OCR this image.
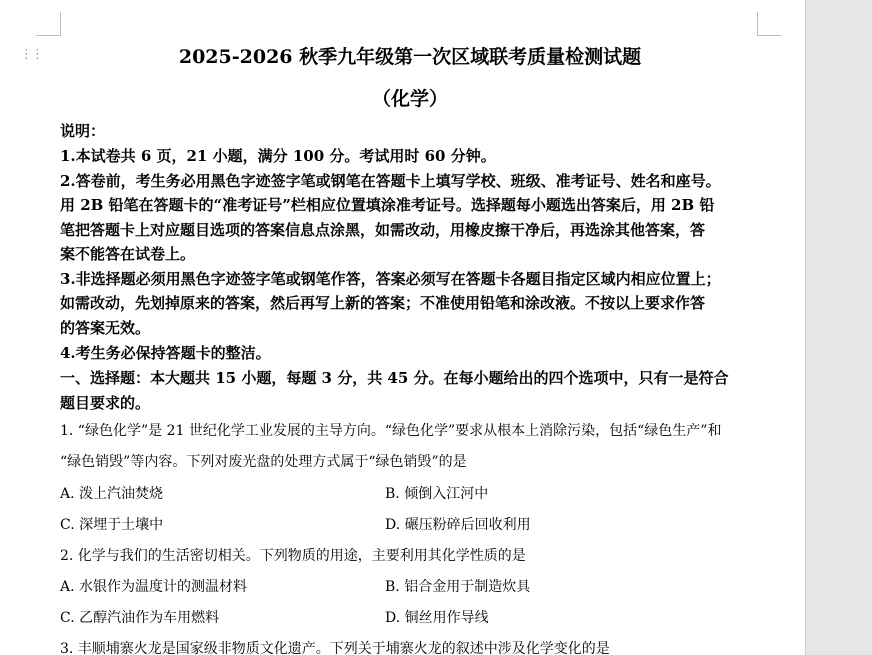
⋮⋮	2025-2026 秋季九年级第一次区域联考质量检测试题
（化学）
说明：
1.本试卷共 6 页，21 小题，满分 100 分。考试用时 60 分钟。
2.答卷前，考生务必用黑色字迹签字笔或钢笔在答题卡上填写学校、班级、准考证号、姓名和座号。
用 2B 铅笔在答题卡的“准考证号”栏相应位置填涂准考证号。选择题每小题选出答案后，用 2B 铅
笔把答题卡上对应题目选项的答案信息点涂黑，如需改动，用橡皮擦干净后，再选涂其他答案，答
案不能答在试卷上。
3.非选择题必须用黑色字迹签字笔或钢笔作答，答案必须写在答题卡各题目指定区域内相应位置上；
如需改动，先划掉原来的答案，然后再写上新的答案；不准使用铅笔和涂改液。不按以上要求作答
的答案无效。
4.考生务必保持答题卡的整洁。
一、选择题：本大题共 15 小题，每题 3 分，共 45 分。在每小题给出的四个选项中，只有一是符合
题目要求的。
1. “绿色化学”是 21 世纪化学工业发展的主导方向。“绿色化学”要求从根本上消除污染，包括“绿色生产”和
“绿色销毁”等内容。下列对废光盘的处理方式属于“绿色销毁”的是
A. 泼上汽油焚烧	B. 倾倒入江河中
C. 深埋于土壤中	D. 碾压粉碎后回收利用
2. 化学与我们的生活密切相关。下列物质的用途，主要利用其化学性质的是
A. 水银作为温度计的测温材料	B. 铝合金用于制造炊具
C. 乙醇汽油作为车用燃料	D. 铜丝用作导线
3. 丰顺埔寨火龙是国家级非物质文化遗产。下列关于埔寨火龙的叙述中涉及化学变化的是
